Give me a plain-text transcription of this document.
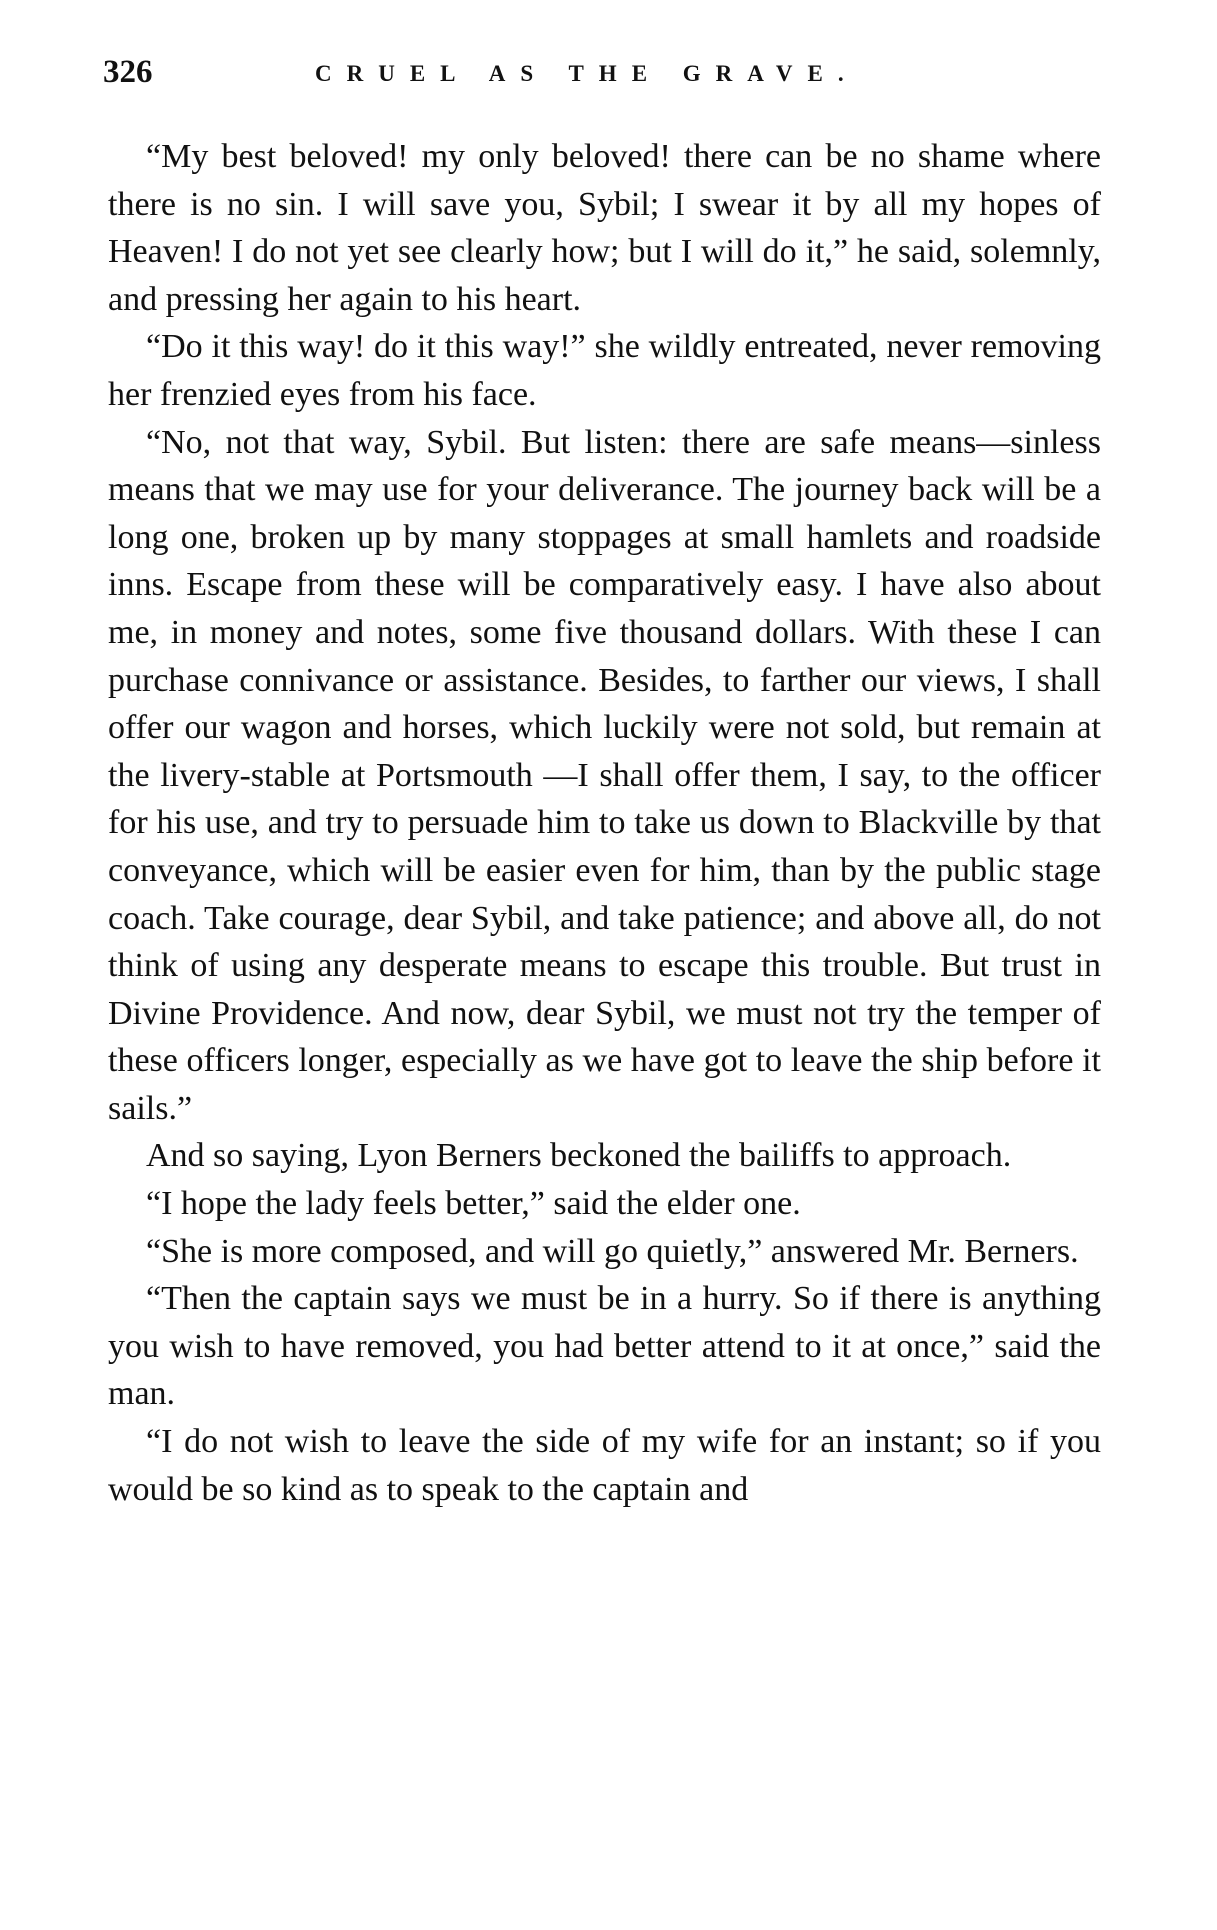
326	CRUEL AS THE GRAVE.

“My best beloved! my only beloved! there can be no shame where there is no sin. I will save you, Sybil; I swear it by all my hopes of Heaven! I do not yet see clearly how; but I will do it,” he said, solemnly, and pressing her again to his heart.

“Do it this way! do it this way!” she wildly entreated, never removing her frenzied eyes from his face.

“No, not that way, Sybil. But listen: there are safe means—sinless means that we may use for your deliverance. The journey back will be a long one, broken up by many stoppages at small hamlets and roadside inns. Escape from these will be comparatively easy. I have also about me, in money and notes, some five thousand dollars. With these I can purchase connivance or assistance. Besides, to farther our views, I shall offer our wagon and horses, which luckily were not sold, but remain at the livery-stable at Portsmouth —I shall offer them, I say, to the officer for his use, and try to persuade him to take us down to Blackville by that conveyance, which will be easier even for him, than by the public stage coach. Take courage, dear Sybil, and take patience; and above all, do not think of using any desperate means to escape this trouble. But trust in Divine Providence. And now, dear Sybil, we must not try the temper of these officers longer, especially as we have got to leave the ship before it sails.”

And so saying, Lyon Berners beckoned the bailiffs to approach.

“I hope the lady feels better,” said the elder one.

“She is more composed, and will go quietly,” answered Mr. Berners.

“Then the captain says we must be in a hurry. So if there is anything you wish to have removed, you had better attend to it at once,” said the man.

“I do not wish to leave the side of my wife for an instant; so if you would be so kind as to speak to the captain and
